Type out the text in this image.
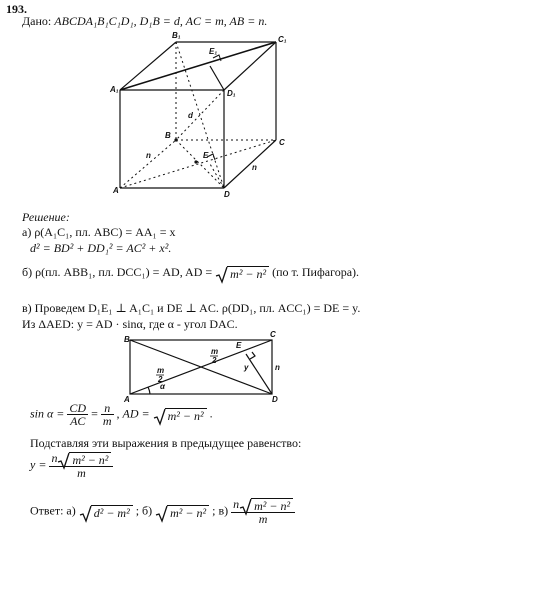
193.
Дано: ABCDA₁B₁C₁D₁, D₁B = d, AC = m, AB = n.
B₁
E₁
C₁
A₁	D₁
d
B
C
n	E
n
A	D
Решение:
а) ρ(A₁C₁, пл. ABC) = AA₁ = x
d² = BD² + DD₁² = AC² + x².
б) ρ(пл. ABB₁, пл. DCC₁) = AD, AD = m² − n² (по т. Пифагора).
в) Проведем D₁E₁ ⊥ A₁C₁ и DE ⊥ AC. ρ(DD₁, пл. ACC₁) = DE = y.
Из ΔAED: y = AD · sinα, где α - угол DAC.
B
C
E
m
2
m
2
α
y	n
A	D
$\sin \alpha = \frac{CD}{AC} = \frac{n}{m}$ , AD = m² − n² .
Подставляя эти выражения в предыдущее равенство:
$y = \frac{\text{n m² − n²}}{m}$
Ответ: а) d² − m² ; б) m² − n² ; $в) \frac{\text{n m² − n²}}{m}$
